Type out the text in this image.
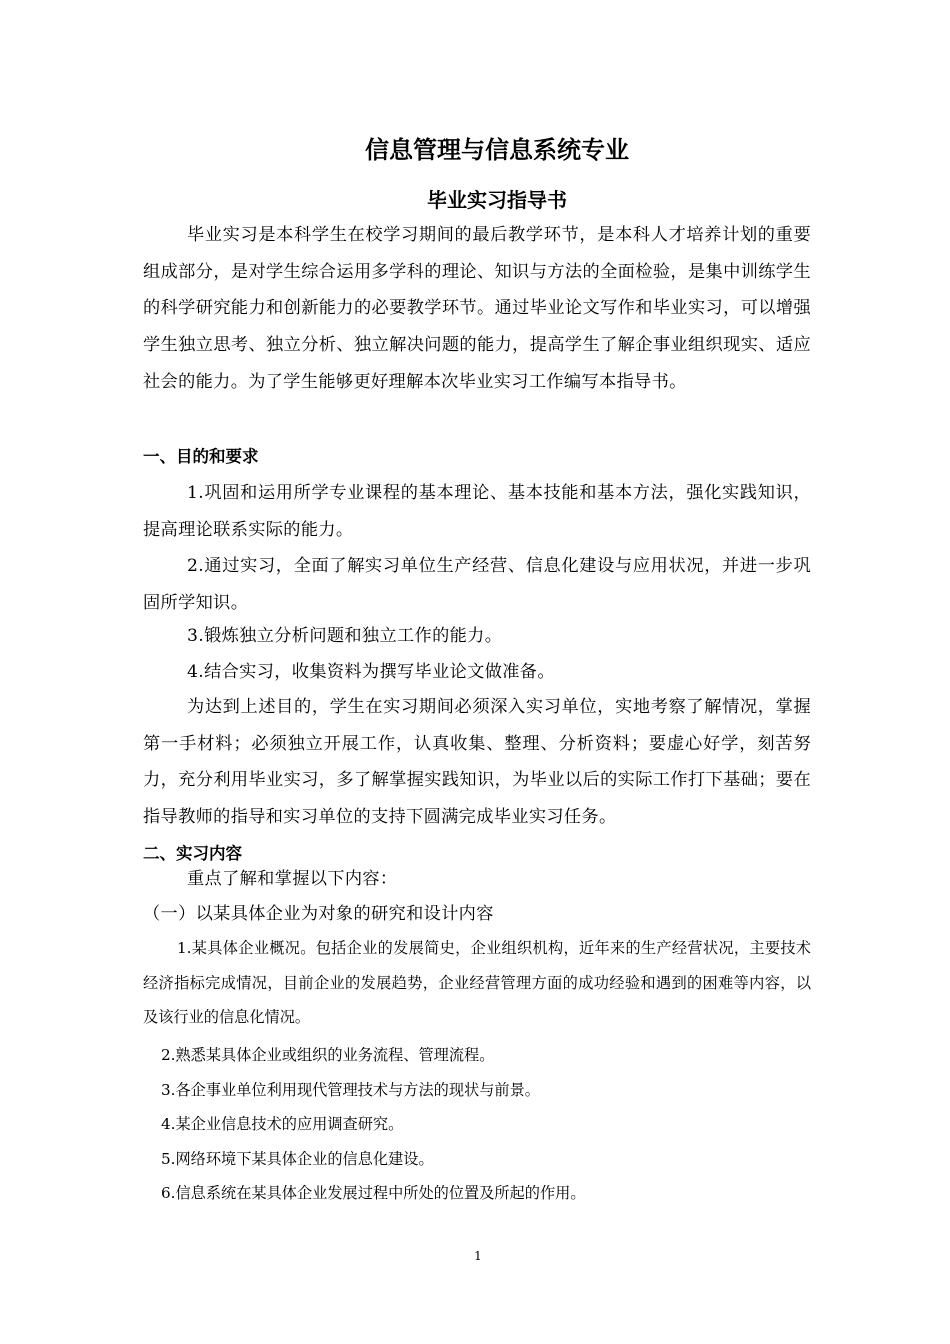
信息管理与信息系统专业
毕业实习指导书

毕业实习是本科学生在校学习期间的最后教学环节，是本科人才培养计划的重要组成部分，是对学生综合运用多学科的理论、知识与方法的全面检验，是集中训练学生的科学研究能力和创新能力的必要教学环节。通过毕业论文写作和毕业实习，可以增强学生独立思考、独立分析、独立解决问题的能力，提高学生了解企事业组织现实、适应社会的能力。为了学生能够更好理解本次毕业实习工作编写本指导书。

一、目的和要求

1.巩固和运用所学专业课程的基本理论、基本技能和基本方法，强化实践知识，提高理论联系实际的能力。

2.通过实习，全面了解实习单位生产经营、信息化建设与应用状况，并进一步巩固所学知识。

3.锻炼独立分析问题和独立工作的能力。
4.结合实习，收集资料为撰写毕业论文做准备。

为达到上述目的，学生在实习期间必须深入实习单位，实地考察了解情况，掌握第一手材料；必须独立开展工作，认真收集、整理、分析资料；要虚心好学，刻苦努力，充分利用毕业实习，多了解掌握实践知识，为毕业以后的实际工作打下基础；要在指导教师的指导和实习单位的支持下圆满完成毕业实习任务。

二、实习内容
重点了解和掌握以下内容：
（一）以某具体企业为对象的研究和设计内容

1.某具体企业概况。包括企业的发展简史，企业组织机构，近年来的生产经营状况，主要技术经济指标完成情况，目前企业的发展趋势，企业经营管理方面的成功经验和遇到的困难等内容，以及该行业的信息化情况。

2.熟悉某具体企业或组织的业务流程、管理流程。
3.各企事业单位利用现代管理技术与方法的现状与前景。
4.某企业信息技术的应用调查研究。
5.网络环境下某具体企业的信息化建设。
6.信息系统在某具体企业发展过程中所处的位置及所起的作用。
1
